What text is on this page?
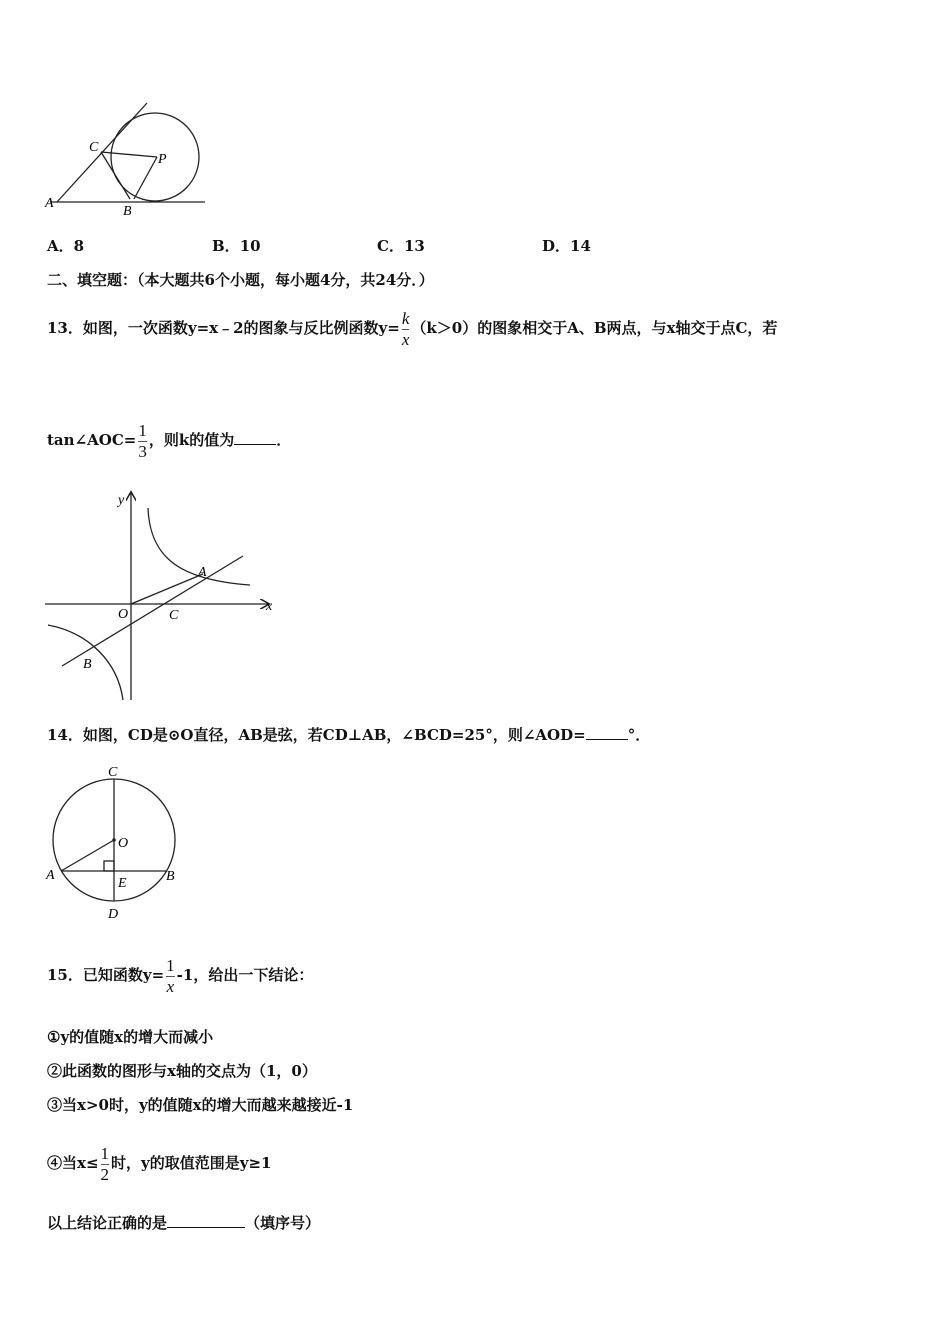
A
C
P
B
A．8	B．10	C．13	D．14
二、填空题：（本大题共6个小题，每小题4分，共24分．）
13．如图，一次函数y=x﹣2的图象与反比例函数$y= \frac{k}{x} (k>0)$的图象相交于A、B两点，与x轴交于点C，若
tan∠AOC= $\frac{1}{3}$ ，则k的值为	．
y
x
O
A
C
B
14．如图，CD是⊙O直径，AB是弦，若CD⊥AB，∠BCD=25°，则∠AOD=	°．
C
O
A	B
E
D
15．已知函数$y= \frac{1}{x} -1$，给出一下结论：
①y的值随x的增大而减小
②此函数的图形与x轴的交点为（1，0）
③当x>0时，y的值随x的增大而越来越接近-1
④当$x\le \frac{1}{2}$ 时，y的取值范围是y≥1
以上结论正确的是	（填序号）
